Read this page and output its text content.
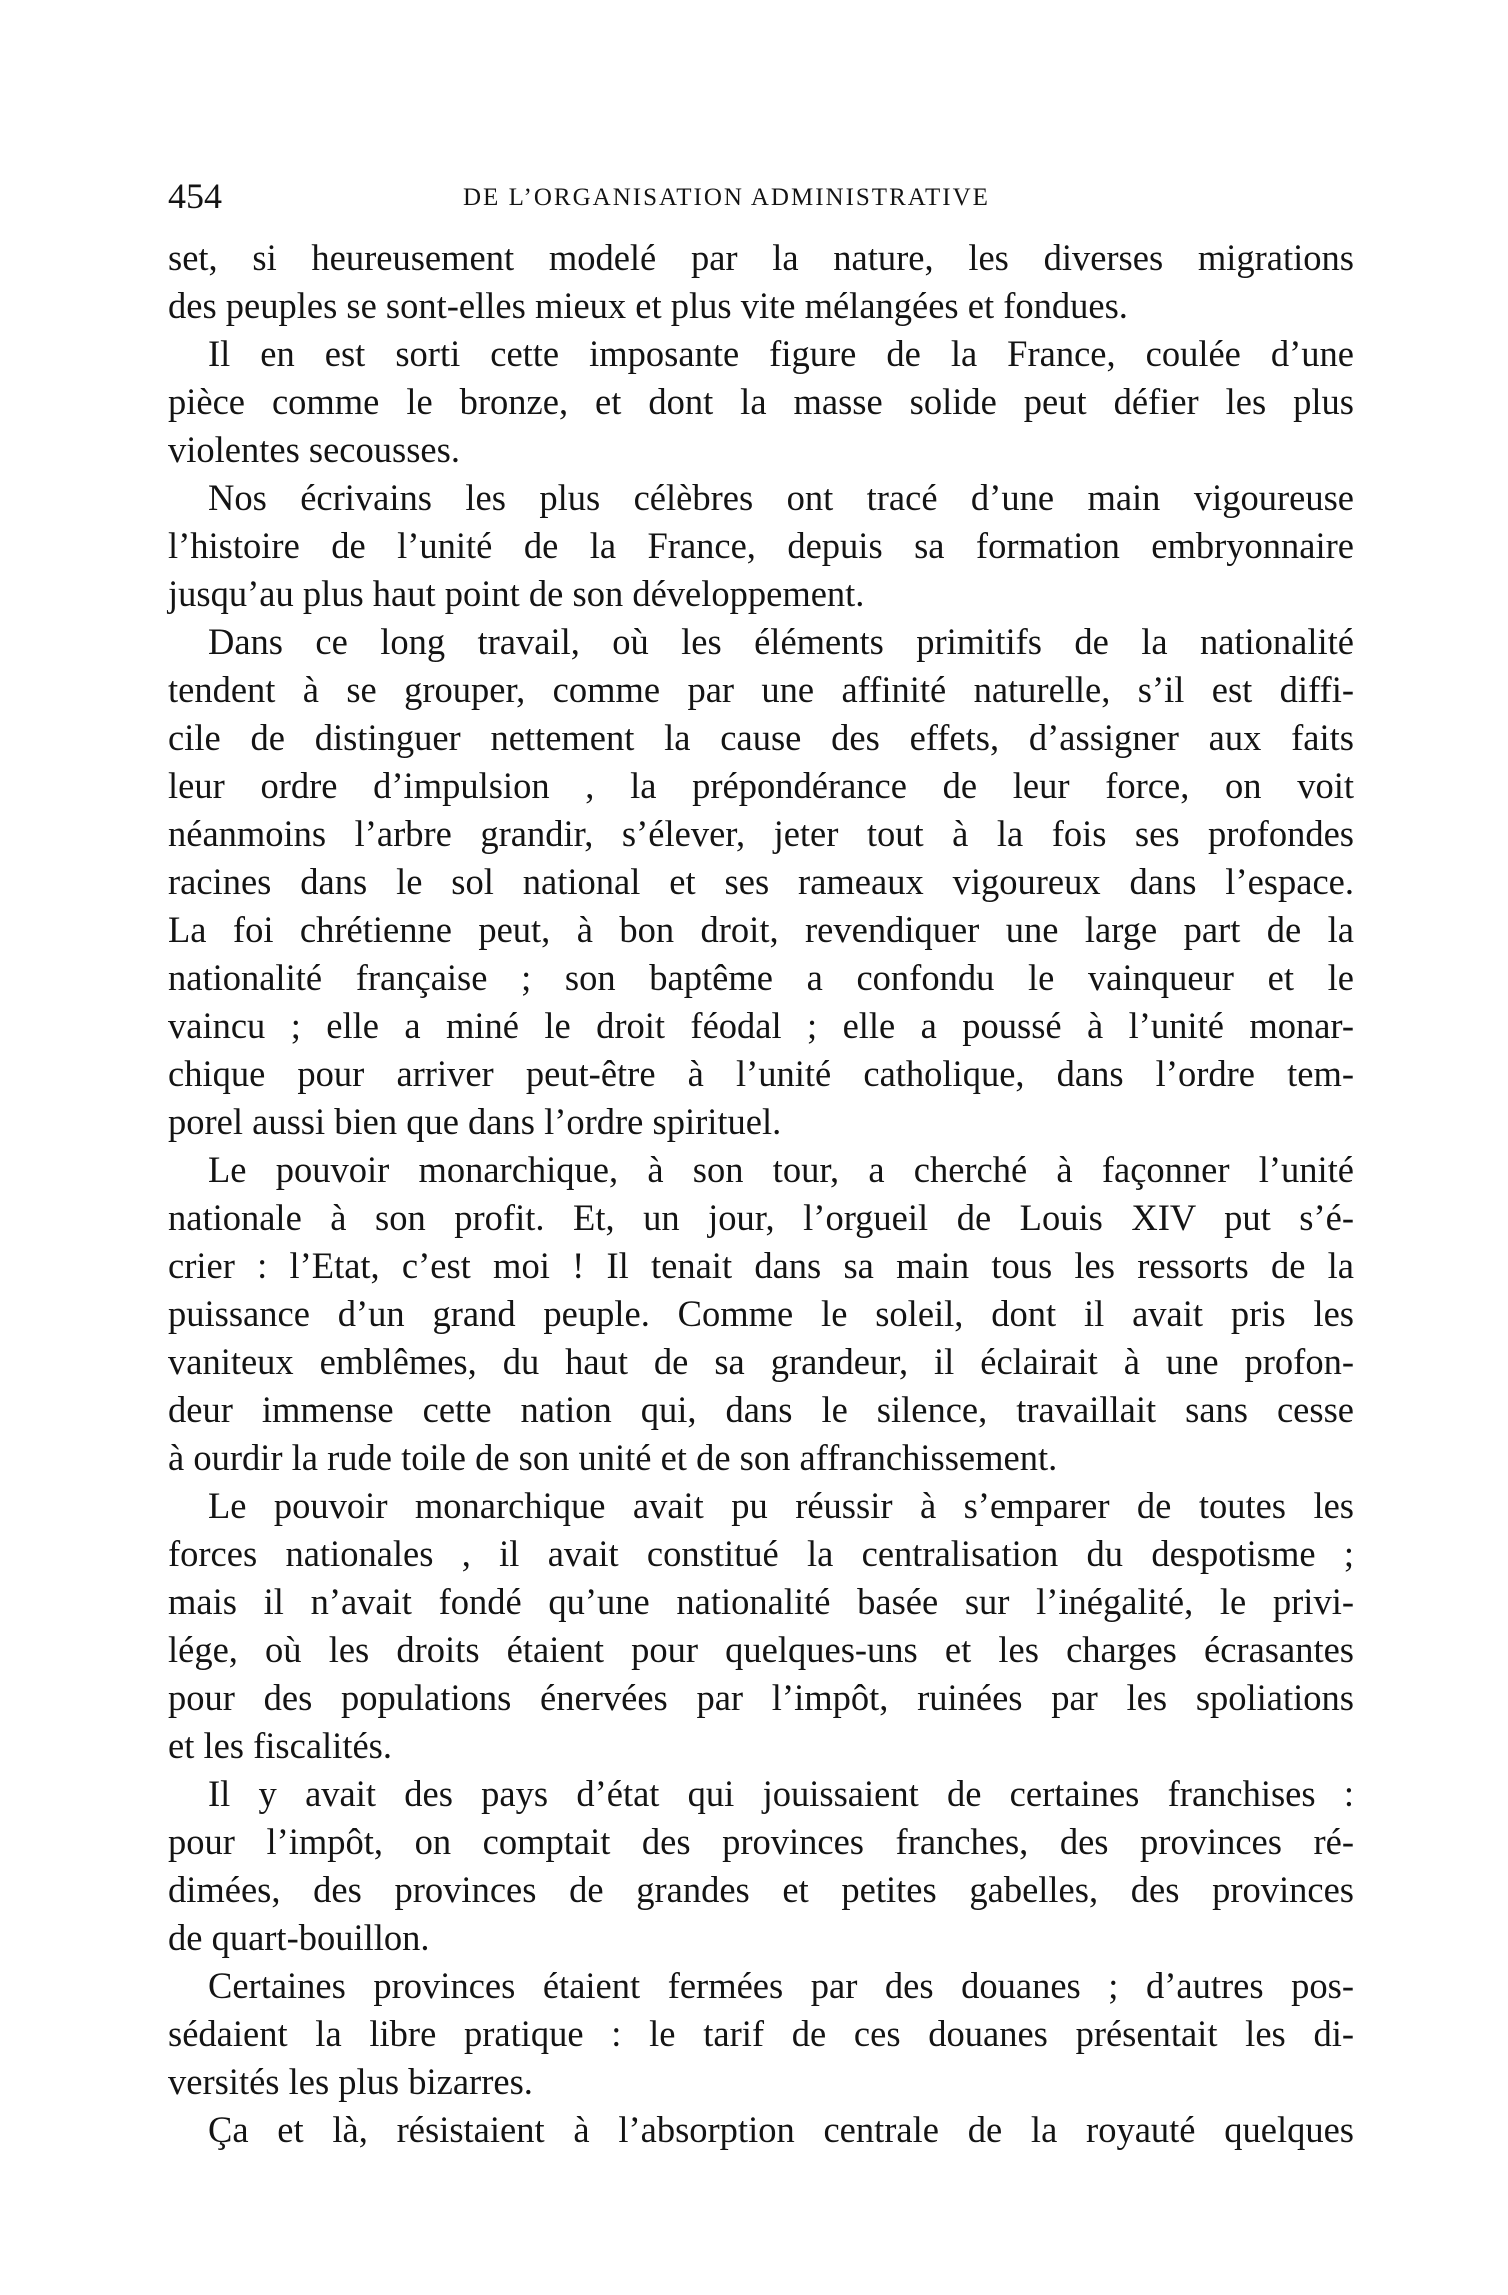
454	DE L’ORGANISATION ADMINISTRATIVE
set, si heureusement modelé par la nature, les diverses migrations
des peuples se sont-elles mieux et plus vite mélangées et fondues.
Il en est sorti cette imposante figure de la France, coulée d’une
pièce comme le bronze, et dont la masse solide peut défier les plus
violentes secousses.
Nos écrivains les plus célèbres ont tracé d’une main vigoureuse
l’histoire de l’unité de la France, depuis sa formation embryonnaire
jusqu’au plus haut point de son développement.
Dans ce long travail, où les éléments primitifs de la nationalité
tendent à se grouper, comme par une affinité naturelle, s’il est diffi-
cile de distinguer nettement la cause des effets, d’assigner aux faits
leur ordre d’impulsion , la prépondérance de leur force, on voit
néanmoins l’arbre grandir, s’élever, jeter tout à la fois ses profondes
racines dans le sol national et ses rameaux vigoureux dans l’espace.
La foi chrétienne peut, à bon droit, revendiquer une large part de la
nationalité française ; son baptême a confondu le vainqueur et le
vaincu ; elle a miné le droit féodal ; elle a poussé à l’unité monar-
chique pour arriver peut-être à l’unité catholique, dans l’ordre tem-
porel aussi bien que dans l’ordre spirituel.
Le pouvoir monarchique, à son tour, a cherché à façonner l’unité
nationale à son profit. Et, un jour, l’orgueil de Louis XIV put s’é-
crier : l’Etat, c’est moi ! Il tenait dans sa main tous les ressorts de la
puissance d’un grand peuple. Comme le soleil, dont il avait pris les
vaniteux emblêmes, du haut de sa grandeur, il éclairait à une profon-
deur immense cette nation qui, dans le silence, travaillait sans cesse
à ourdir la rude toile de son unité et de son affranchissement.
Le pouvoir monarchique avait pu réussir à s’emparer de toutes les
forces nationales , il avait constitué la centralisation du despotisme ;
mais il n’avait fondé qu’une nationalité basée sur l’inégalité, le privi-
lége, où les droits étaient pour quelques-uns et les charges écrasantes
pour des populations énervées par l’impôt, ruinées par les spoliations
et les fiscalités.
Il y avait des pays d’état qui jouissaient de certaines franchises :
pour l’impôt, on comptait des provinces franches, des provinces ré-
dimées, des provinces de grandes et petites gabelles, des provinces
de quart-bouillon.
Certaines provinces étaient fermées par des douanes ; d’autres pos-
sédaient la libre pratique : le tarif de ces douanes présentait les di-
versités les plus bizarres.
Ça et là, résistaient à l’absorption centrale de la royauté quelques
